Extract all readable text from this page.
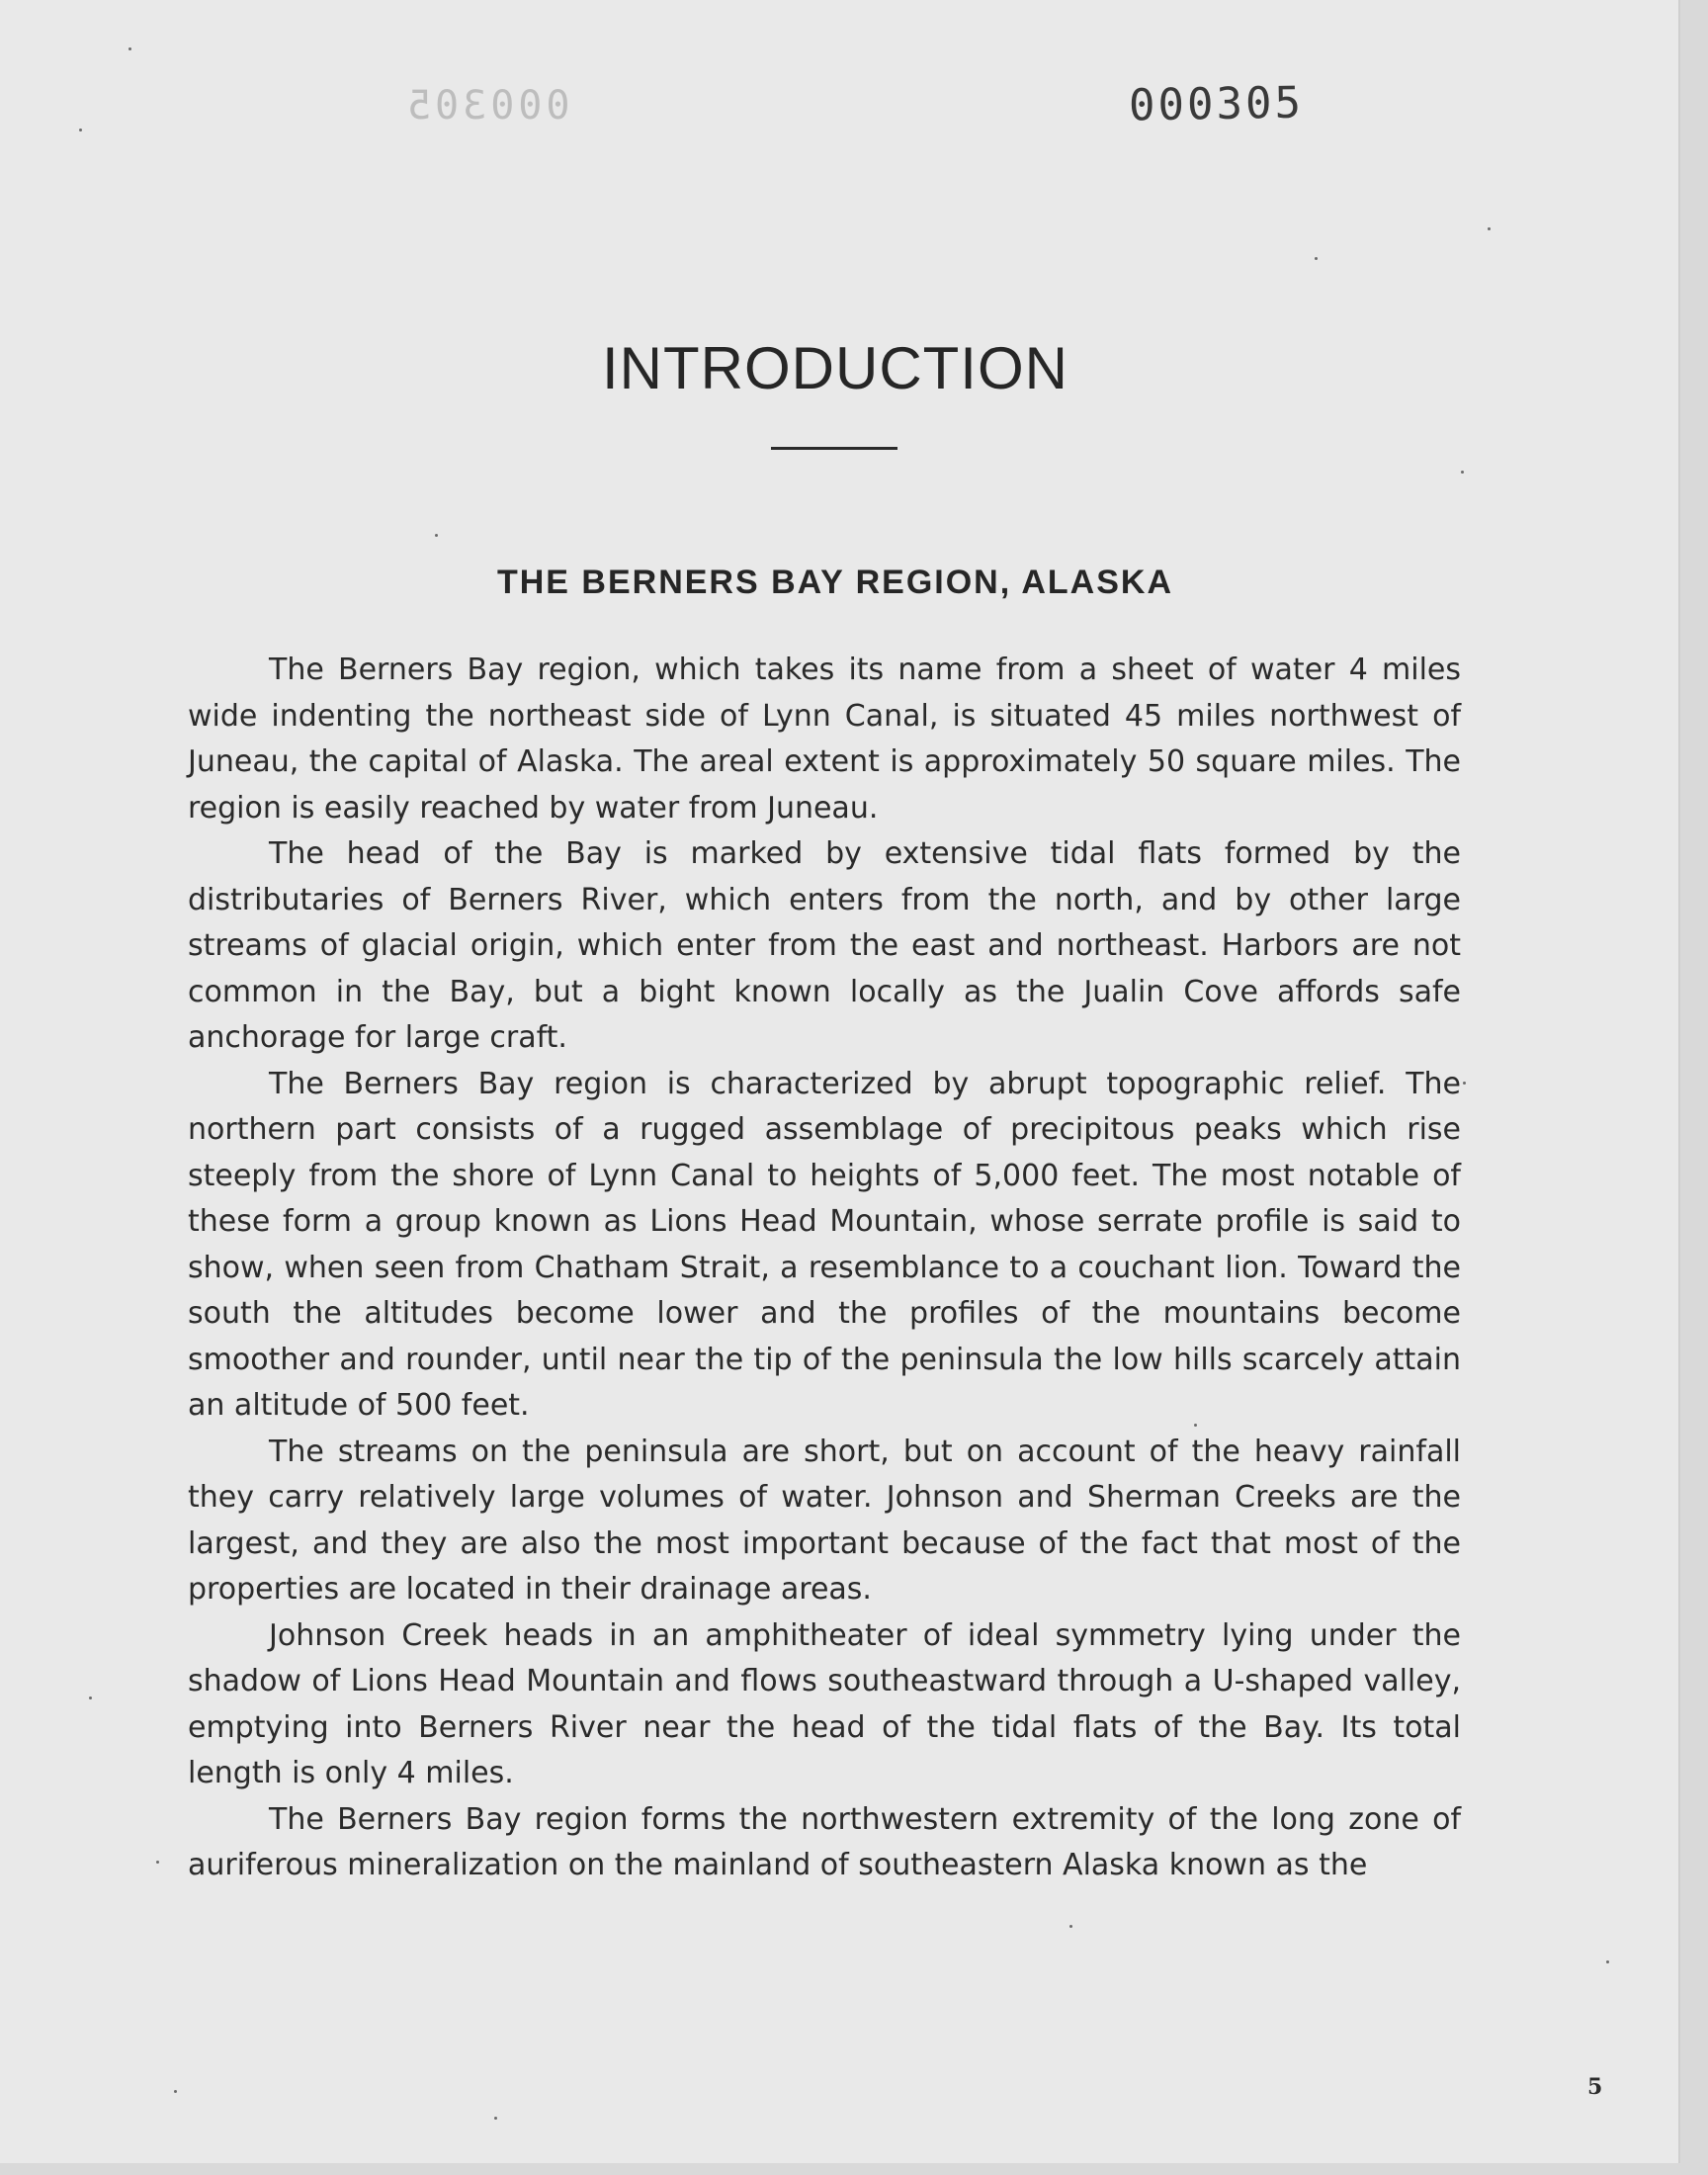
000305	000305
INTRODUCTION
THE BERNERS BAY REGION, ALASKA

The Berners Bay region, which takes its name from a sheet of water 4 miles wide indenting the northeast side of Lynn Canal, is situated 45 miles northwest of Juneau, the capital of Alaska. The areal extent is approximately 50 square miles. The region is easily reached by water from Juneau.

The head of the Bay is marked by extensive tidal flats formed by the distributaries of Berners River, which enters from the north, and by other large streams of glacial origin, which enter from the east and northeast. Harbors are not common in the Bay, but a bight known locally as the Jualin Cove affords safe anchorage for large craft.

The Berners Bay region is characterized by abrupt topographic relief. The northern part consists of a rugged assemblage of precipitous peaks which rise steeply from the shore of Lynn Canal to heights of 5,000 feet. The most notable of these form a group known as Lions Head Mountain, whose serrate profile is said to show, when seen from Chatham Strait, a resemblance to a couchant lion. Toward the south the altitudes become lower and the profiles of the mountains become smoother and rounder, until near the tip of the peninsula the low hills scarcely attain an altitude of 500 feet.

The streams on the peninsula are short, but on account of the heavy rainfall they carry relatively large volumes of water. Johnson and Sherman Creeks are the largest, and they are also the most important because of the fact that most of the properties are located in their drainage areas.

Johnson Creek heads in an amphitheater of ideal symmetry lying under the shadow of Lions Head Mountain and flows southeastward through a U-shaped valley, emptying into Berners River near the head of the tidal flats of the Bay. Its total length is only 4 miles.

The Berners Bay region forms the northwestern extremity of the long zone of auriferous mineralization on the mainland of southeastern Alaska known as the

5
